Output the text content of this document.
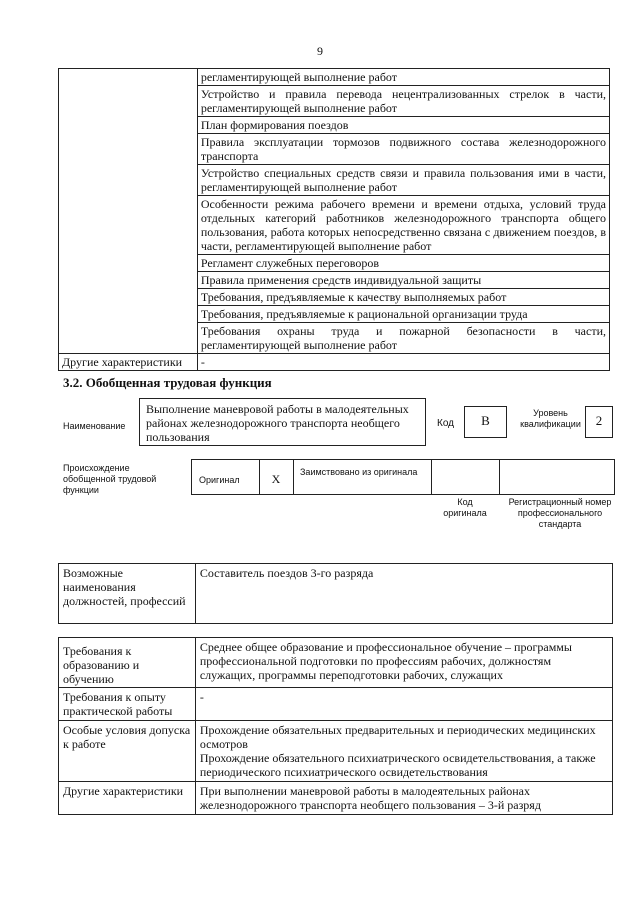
9
	регламентирующей выполнение работ
	Устройство и правила перевода нецентрализованных стрелок в части, регламентирующей выполнение работ
	План формирования поездов
	Правила эксплуатации тормозов подвижного состава железнодорожного транспорта
	Устройство специальных средств связи и правила пользования ими в части, регламентирующей выполнение работ
	Особенности режима рабочего времени и времени отдыха, условий труда отдельных категорий работников железнодорожного транспорта общего пользования, работа которых непосредственно связана с движением поездов, в части, регламентирующей выполнение работ
	Регламент служебных переговоров
	Правила применения средств индивидуальной защиты
	Требования, предъявляемые к качеству выполняемых работ
	Требования, предъявляемые к рациональной организации труда
	Требования охраны труда и пожарной безопасности в части, регламентирующей выполнение работ
Другие характеристики	-
3.2. Обобщенная трудовая функция
Наименование
Выполнение маневровой работы в малодеятельных районах железнодорожного транспорта необщего пользования
Код	B	Уровень квалификации	2
Происхождение обобщенной трудовой функции
Оригинал	X	Заимствовано из оригинала
Код оригинала
Регистрационный номер профессионального стандарта
Возможные наименования должностей, профессий	Составитель поездов 3-го разряда
Требования к образованию и обучению	Среднее общее образование и профессиональное обучение – программы профессиональной подготовки по профессиям рабочих, должностям служащих, программы переподготовки рабочих, служащих
Требования к опыту практической работы	-
Особые условия допуска к работе	Прохождение обязательных предварительных и периодических медицинских осмотров
Прохождение обязательного психиатрического освидетельствования, а также периодического психиатрического освидетельствования

Другие характеристики	При выполнении маневровой работы в малодеятельных районах железнодорожного транспорта необщего пользования – 3-й разряд
